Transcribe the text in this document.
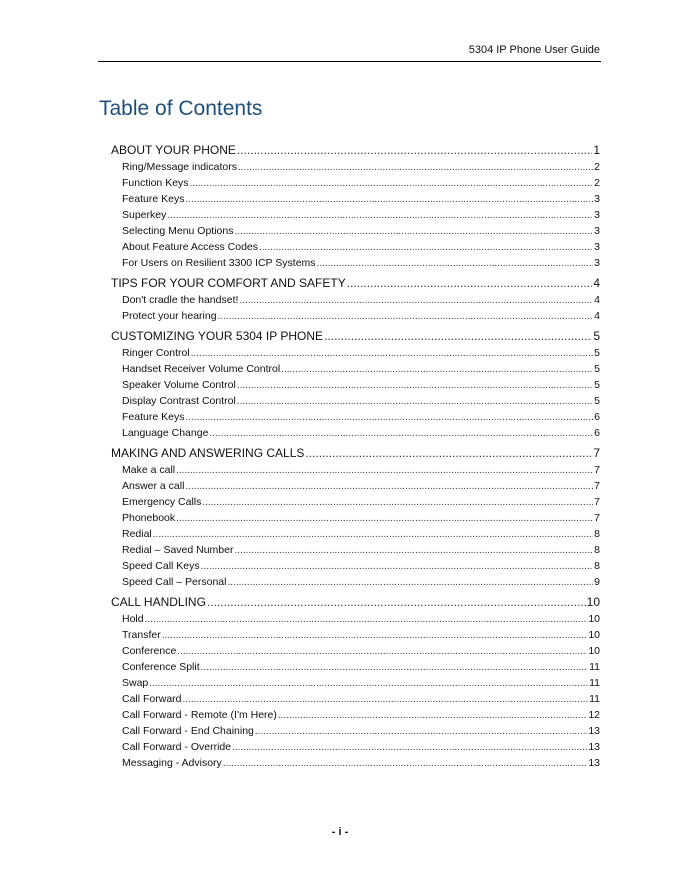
5304 IP Phone User Guide
Table of Contents
ABOUT YOUR PHONE .....	1
Ring/Message indicators .....	2
Function Keys .....	2
Feature Keys .....	3
Superkey .....	3
Selecting Menu Options .....	3
About Feature Access Codes .....	3
For Users on Resilient 3300 ICP Systems .....	3
TIPS FOR YOUR COMFORT AND SAFETY .....	4
Don't cradle the handset! .....	4
Protect your hearing .....	4
CUSTOMIZING YOUR 5304 IP PHONE .....	5
Ringer Control .....	5
Handset Receiver Volume Control .....	5
Speaker Volume Control .....	5
Display Contrast Control .....	5
Feature Keys .....	6
Language Change .....	6
MAKING AND ANSWERING CALLS .....	7
Make a call .....	7
Answer a call .....	7
Emergency Calls .....	7
Phonebook .....	7
Redial .....	8
Redial – Saved Number .....	8
Speed Call Keys .....	8
Speed Call – Personal .....	9
CALL HANDLING .....	10
Hold .....	10
Transfer .....	10
Conference .....	10
Conference Split .....	11
Swap .....	11
Call Forward .....	11
Call Forward - Remote (I'm Here) .....	12
Call Forward - End Chaining .....	13
Call Forward - Override .....	13
Messaging - Advisory .....	13
- i -
